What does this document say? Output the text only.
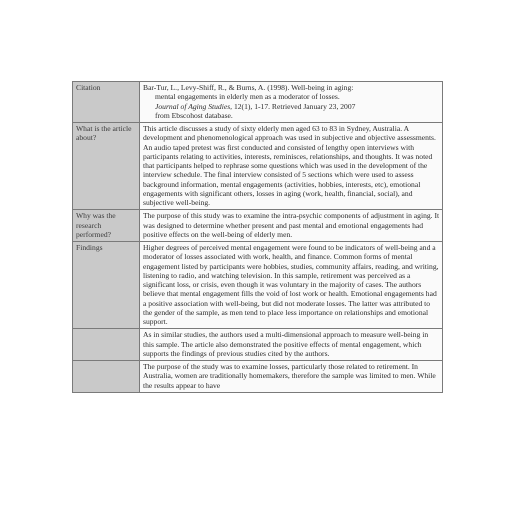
Citation	Bar-Tur, L., Levy-Shiff, R., & Burns, A. (1998). Well-being in aging:
mental engagements in elderly men as a moderator of losses.
Journal of Aging Studies, 12(1), 1-17. Retrieved January 23, 2007
from Ebscohost database.

What is the article about?	This article discusses a study of sixty elderly men aged 63 to 83 in Sydney, Australia. A development and phenomenological approach was used in subjective and objective assessments. An audio taped pretest was first conducted and consisted of lengthy open interviews with participants relating to activities, interests, reminisces, relationships, and thoughts. It was noted that participants helped to rephrase some questions which was used in the development of the interview schedule. The final interview consisted of 5 sections which were used to assess background information, mental engagements (activities, hobbies, interests, etc), emotional engagements with significant others, losses in aging (work, health, financial, social), and subjective well-being.
Why was the research performed?	The purpose of this study was to examine the intra-psychic components of adjustment in aging. It was designed to determine whether present and past mental and emotional engagements had positive effects on the well-being of elderly men.
Findings	Higher degrees of perceived mental engagement were found to be indicators of well-being and a moderator of losses associated with work, health, and finance. Common forms of mental engagement listed by participants were hobbies, studies, community affairs, reading, and writing, listening to radio, and watching television. In this sample, retirement was perceived as a significant loss, or crisis, even though it was voluntary in the majority of cases. The authors believe that mental engagement fills the void of lost work or health. Emotional engagements had a positive association with well-being, but did not moderate losses. The latter was attributed to the gender of the sample, as men tend to place less importance on relationships and emotional support.
	As in similar studies, the authors used a multi-dimensional approach to measure well-being in this sample. The article also demonstrated the positive effects of mental engagement, which supports the findings of previous studies cited by the authors.
	The purpose of the study was to examine losses, particularly those related to retirement. In Australia, women are traditionally homemakers, therefore the sample was limited to men. While the results appear to have
